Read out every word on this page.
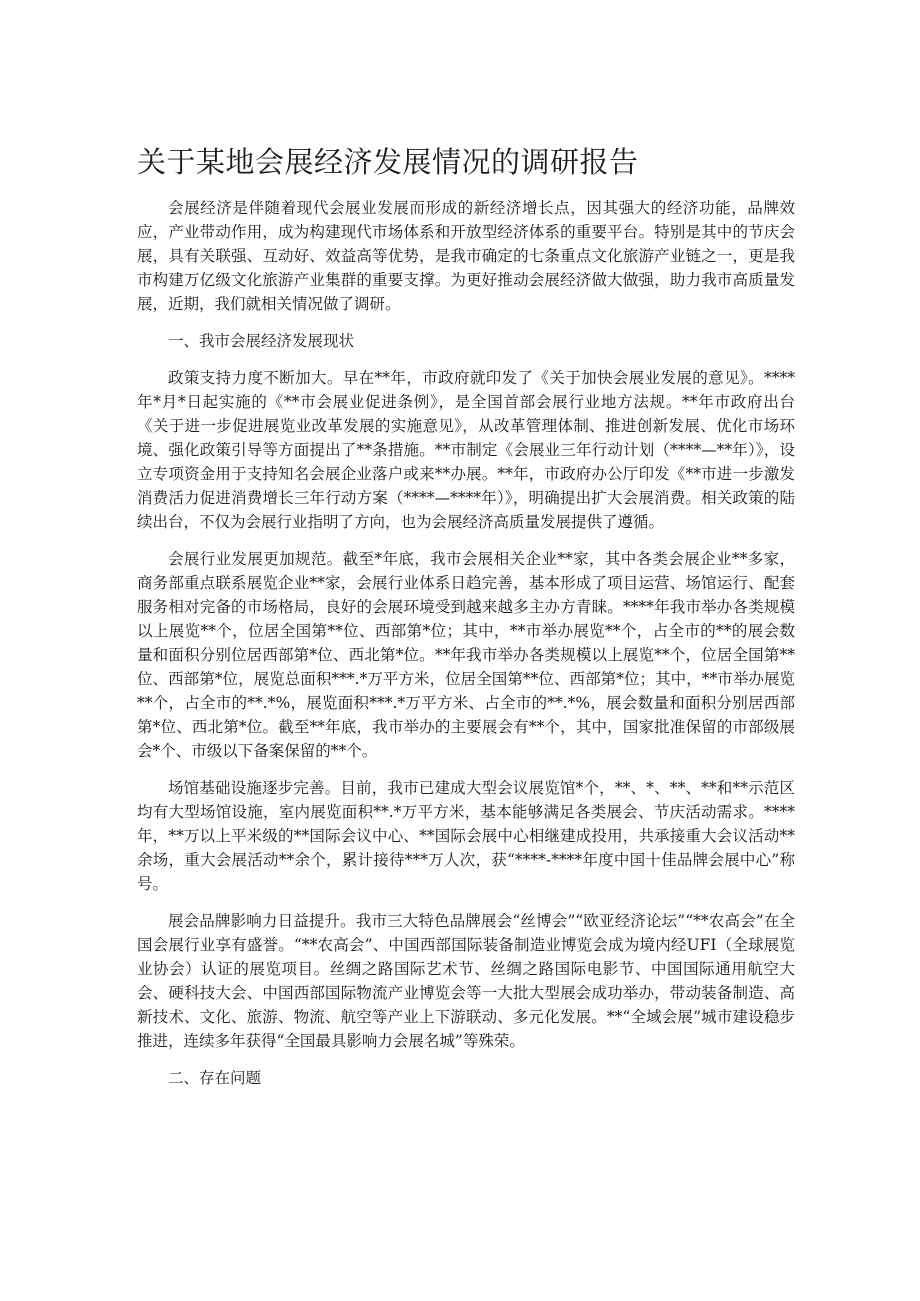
关于某地会展经济发展情况的调研报告

会展经济是伴随着现代会展业发展而形成的新经济增长点，因其强大的经济功能，品牌效应，产业带动作用，成为构建现代市场体系和开放型经济体系的重要平台。特别是其中的节庆会展，具有关联强、互动好、效益高等优势，是我市确定的七条重点文化旅游产业链之一，更是我市构建万亿级文化旅游产业集群的重要支撑。为更好推动会展经济做大做强，助力我市高质量发展，近期，我们就相关情况做了调研。

一、我市会展经济发展现状

政策支持力度不断加大。早在**年，市政府就印发了《关于加快会展业发展的意见》。****年*月*日起实施的《**市会展业促进条例》，是全国首部会展行业地方法规。**年市政府出台《关于进一步促进展览业改革发展的实施意见》，从改革管理体制、推进创新发展、优化市场环境、强化政策引导等方面提出了**条措施。**市制定《会展业三年行动计划（****—**年）》，设立专项资金用于支持知名会展企业落户或来**办展。**年，市政府办公厅印发《**市进一步激发消费活力促进消费增长三年行动方案（****—****年）》，明确提出扩大会展消费。相关政策的陆续出台，不仅为会展行业指明了方向，也为会展经济高质量发展提供了遵循。

会展行业发展更加规范。截至*年底，我市会展相关企业**家，其中各类会展企业**多家，商务部重点联系展览企业**家，会展行业体系日趋完善，基本形成了项目运营、场馆运行、配套服务相对完备的市场格局，良好的会展环境受到越来越多主办方青睐。****年我市举办各类规模以上展览**个，位居全国第**位、西部第*位；其中，**市举办展览**个，占全市的**的展会数量和面积分别位居西部第*位、西北第*位。**年我市举办各类规模以上展览**个，位居全国第**位、西部第*位，展览总面积***.*万平方米，位居全国第**位、西部第*位；其中，**市举办展览**个，占全市的**.*%，展览面积***.*万平方米、占全市的**.*%，展会数量和面积分别居西部第*位、西北第*位。截至**年底，我市举办的主要展会有**个，其中，国家批准保留的市部级展会*个、市级以下备案保留的**个。

场馆基础设施逐步完善。目前，我市已建成大型会议展览馆*个，**、*、**、**和**示范区均有大型场馆设施，室内展览面积**.*万平方米，基本能够满足各类展会、节庆活动需求。****年，**万以上平米级的**国际会议中心、**国际会展中心相继建成投用，共承接重大会议活动**余场，重大会展活动**余个，累计接待***万人次，获“****-****年度中国十佳品牌会展中心”称号。

展会品牌影响力日益提升。我市三大特色品牌展会“丝博会”“欧亚经济论坛”“**农高会”在全国会展行业享有盛誉。“**农高会”、中国西部国际装备制造业博览会成为境内经UFI（全球展览业协会）认证的展览项目。丝绸之路国际艺术节、丝绸之路国际电影节、中国国际通用航空大会、硬科技大会、中国西部国际物流产业博览会等一大批大型展会成功举办，带动装备制造、高新技术、文化、旅游、物流、航空等产业上下游联动、多元化发展。**“全域会展”城市建设稳步推进，连续多年获得“全国最具影响力会展名城”等殊荣。

二、存在问题
